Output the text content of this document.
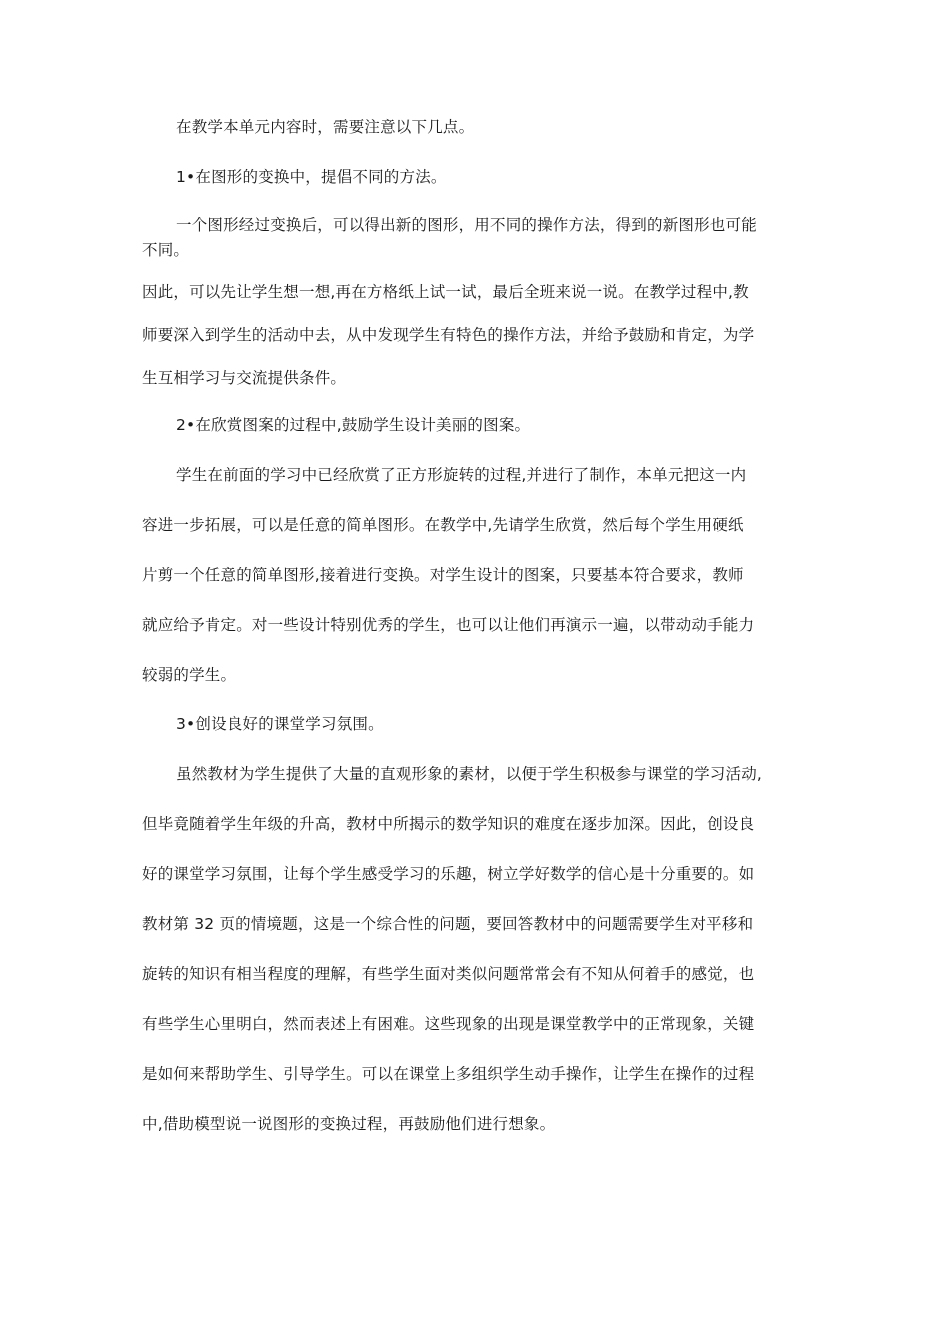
在教学本单元内容时，需要注意以下几点。
1•在图形的变换中，提倡不同的方法。
一个图形经过变换后，可以得出新的图形，用不同的操作方法，得到的新图形也可能
不同。
因此，可以先让学生想一想,再在方格纸上试一试，最后全班来说一说。在教学过程中,教
师要深入到学生的活动中去，从中发现学生有特色的操作方法，并给予鼓励和肯定，为学
生互相学习与交流提供条件。
2•在欣赏图案的过程中,鼓励学生设计美丽的图案。
学生在前面的学习中已经欣赏了正方形旋转的过程,并进行了制作，本单元把这一内
容进一步拓展，可以是任意的简单图形。在教学中,先请学生欣赏，然后每个学生用硬纸
片剪一个任意的简单图形,接着进行变换。对学生设计的图案，只要基本符合要求，教师
就应给予肯定。对一些设计特别优秀的学生，也可以让他们再演示一遍，以带动动手能力
较弱的学生。
3•创设良好的课堂学习氛围。
虽然教材为学生提供了大量的直观形象的素材，以便于学生积极参与课堂的学习活动,
但毕竟随着学生年级的升高，教材中所揭示的数学知识的难度在逐步加深。因此，创设良
好的课堂学习氛围，让每个学生感受学习的乐趣，树立学好数学的信心是十分重要的。如
教材第 32 页的情境题，这是一个综合性的问题，要回答教材中的问题需要学生对平移和
旋转的知识有相当程度的理解，有些学生面对类似问题常常会有不知从何着手的感觉，也
有些学生心里明白，然而表述上有困难。这些现象的出现是课堂教学中的正常现象，关键
是如何来帮助学生、引导学生。可以在课堂上多组织学生动手操作，让学生在操作的过程
中,借助模型说一说图形的变换过程，再鼓励他们进行想象。
